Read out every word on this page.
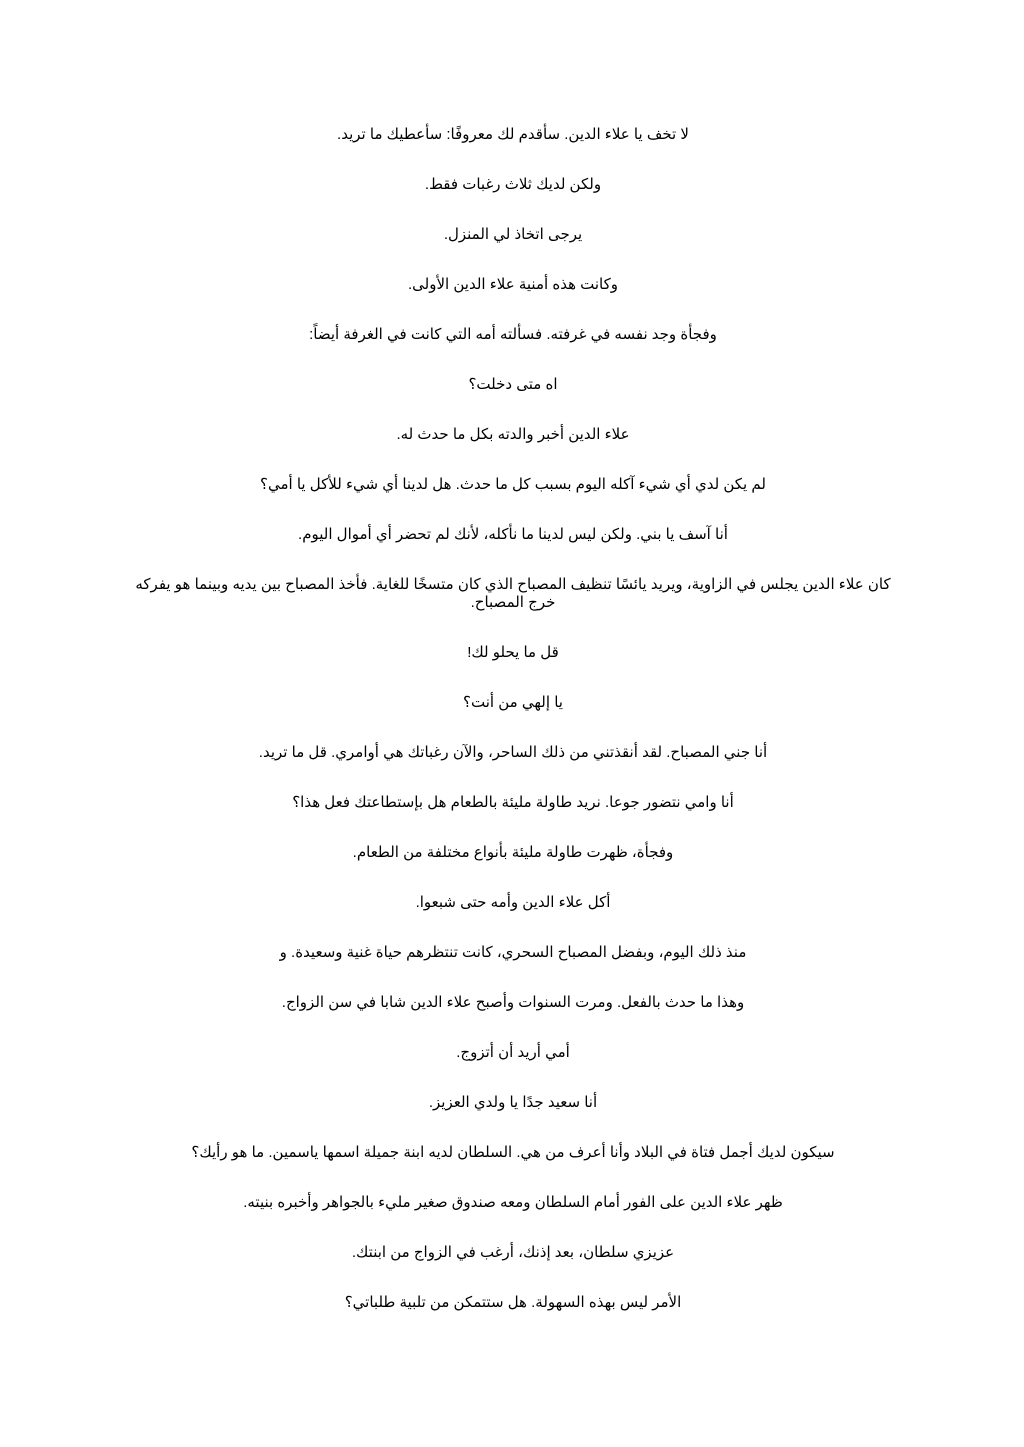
لا تخف يا علاء الدين. سأقدم لك معروفًا: سأعطيك ما تريد.

ولكن لديك ثلاث رغبات فقط.

يرجى اتخاذ لي المنزل.

وكانت هذه أمنية علاء الدين الأولى.

وفجأة وجد نفسه في غرفته. فسألته أمه التي كانت في الغرفة أيضاً:

اه متى دخلت؟

علاء الدين أخبر والدته بكل ما حدث له.

لم يكن لدي أي شيء آكله اليوم بسبب كل ما حدث. هل لدينا أي شيء للأكل يا أمي؟

أنا آسف يا بني. ولكن ليس لدينا ما نأكله، لأنك لم تحضر أي أموال اليوم.

كان علاء الدين يجلس في الزاوية، ويريد يائسًا تنظيف المصباح الذي كان متسخًا للغاية. فأخذ المصباح بين يديه وبينما هو يفركه خرج المصباح.

قل ما يحلو لك!

يا إلهي من أنت؟

أنا جني المصباح. لقد أنقذتني من ذلك الساحر، والآن رغباتك هي أوامري. قل ما تريد.

أنا وامي نتضور جوعا. نريد طاولة مليئة بالطعام هل بإستطاعتك فعل هذا؟

وفجأة، ظهرت طاولة مليئة بأنواع مختلفة من الطعام.

أكل علاء الدين وأمه حتى شبعوا.

منذ ذلك اليوم، وبفضل المصباح السحري، كانت تنتظرهم حياة غنية وسعيدة. و

وهذا ما حدث بالفعل. ومرت السنوات وأصبح علاء الدين شابا في سن الزواج.

أمي أريد أن أتزوج.

أنا سعيد جدًا يا ولدي العزيز.

سيكون لديك أجمل فتاة في البلاد وأنا أعرف من هي. السلطان لديه ابنة جميلة اسمها ياسمين. ما هو رأيك؟

ظهر علاء الدين على الفور أمام السلطان ومعه صندوق صغير مليء بالجواهر وأخبره بنيته.

عزيزي سلطان، بعد إذنك، أرغب في الزواج من ابنتك.

الأمر ليس بهذه السهولة. هل ستتمكن من تلبية طلباتي؟
